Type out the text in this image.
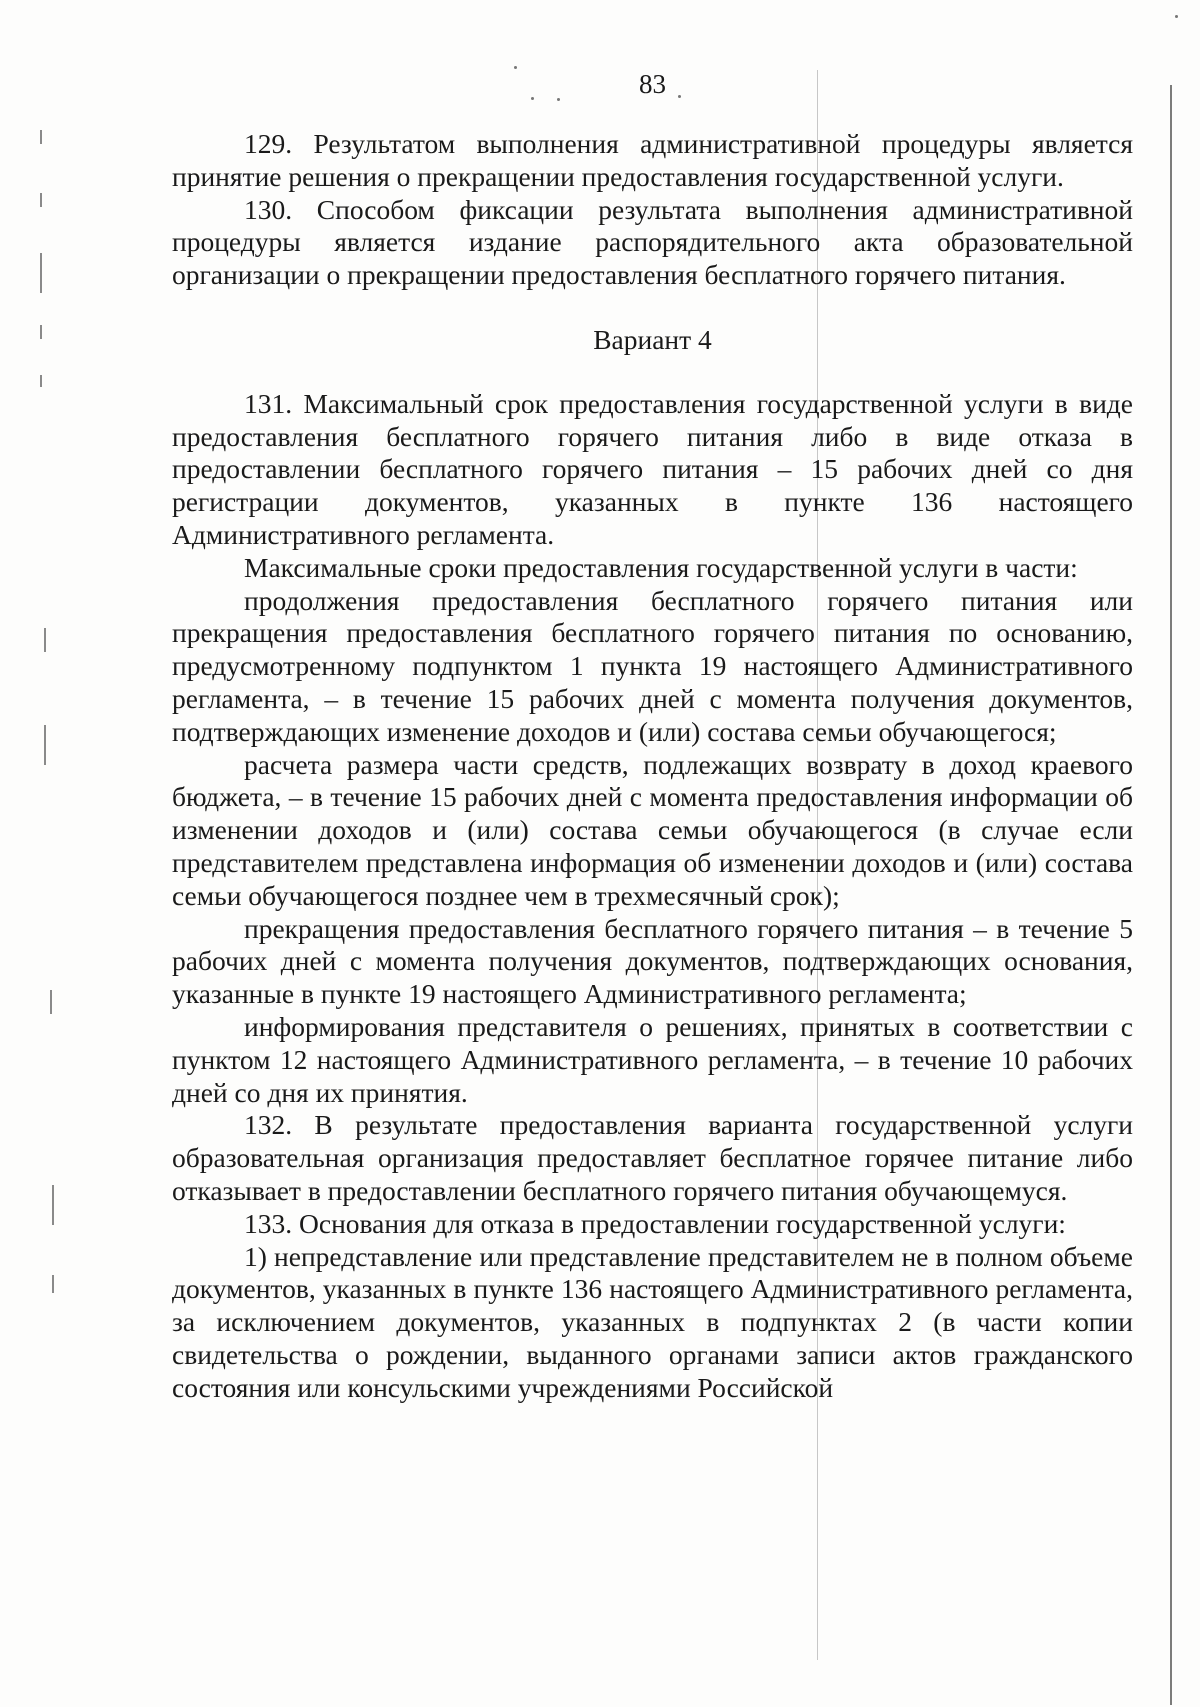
83

129. Результатом выполнения административной процедуры является принятие решения о прекращении предоставления государственной услуги.

130. Способом фиксации результата выполнения административной процедуры является издание распорядительного акта образовательной организации о прекращении предоставления бесплатного горячего питания.

Вариант 4

131. Максимальный срок предоставления государственной услуги в виде предоставления бесплатного горячего питания либо в виде отказа в предоставлении бесплатного горячего питания – 15 рабочих дней со дня регистрации документов, указанных в пункте 136 настоящего Административного регламента.

Максимальные сроки предоставления государственной услуги в части:

продолжения предоставления бесплатного горячего питания или прекращения предоставления бесплатного горячего питания по основанию, предусмотренному подпунктом 1 пункта 19 настоящего Административного регламента, – в течение 15 рабочих дней с момента получения документов, подтверждающих изменение доходов и (или) состава семьи обучающегося;

расчета размера части средств, подлежащих возврату в доход краевого бюджета, – в течение 15 рабочих дней с момента предоставления информации об изменении доходов и (или) состава семьи обучающегося (в случае если представителем представлена информация об изменении доходов и (или) состава семьи обучающегося позднее чем в трехмесячный срок);

прекращения предоставления бесплатного горячего питания – в течение 5 рабочих дней с момента получения документов, подтверждающих основания, указанные в пункте 19 настоящего Административного регламента;

информирования представителя о решениях, принятых в соответствии с пунктом 12 настоящего Административного регламента, – в течение 10 рабочих дней со дня их принятия.

132. В результате предоставления варианта государственной услуги образовательная организация предоставляет бесплатное горячее питание либо отказывает в предоставлении бесплатного горячего питания обучающемуся.

133. Основания для отказа в предоставлении государственной услуги:

1) непредставление или представление представителем не в полном объеме документов, указанных в пункте 136 настоящего Административного регламента, за исключением документов, указанных в подпунктах 2 (в части копии свидетельства о рождении, выданного органами записи актов гражданского состояния или консульскими учреждениями Российской
